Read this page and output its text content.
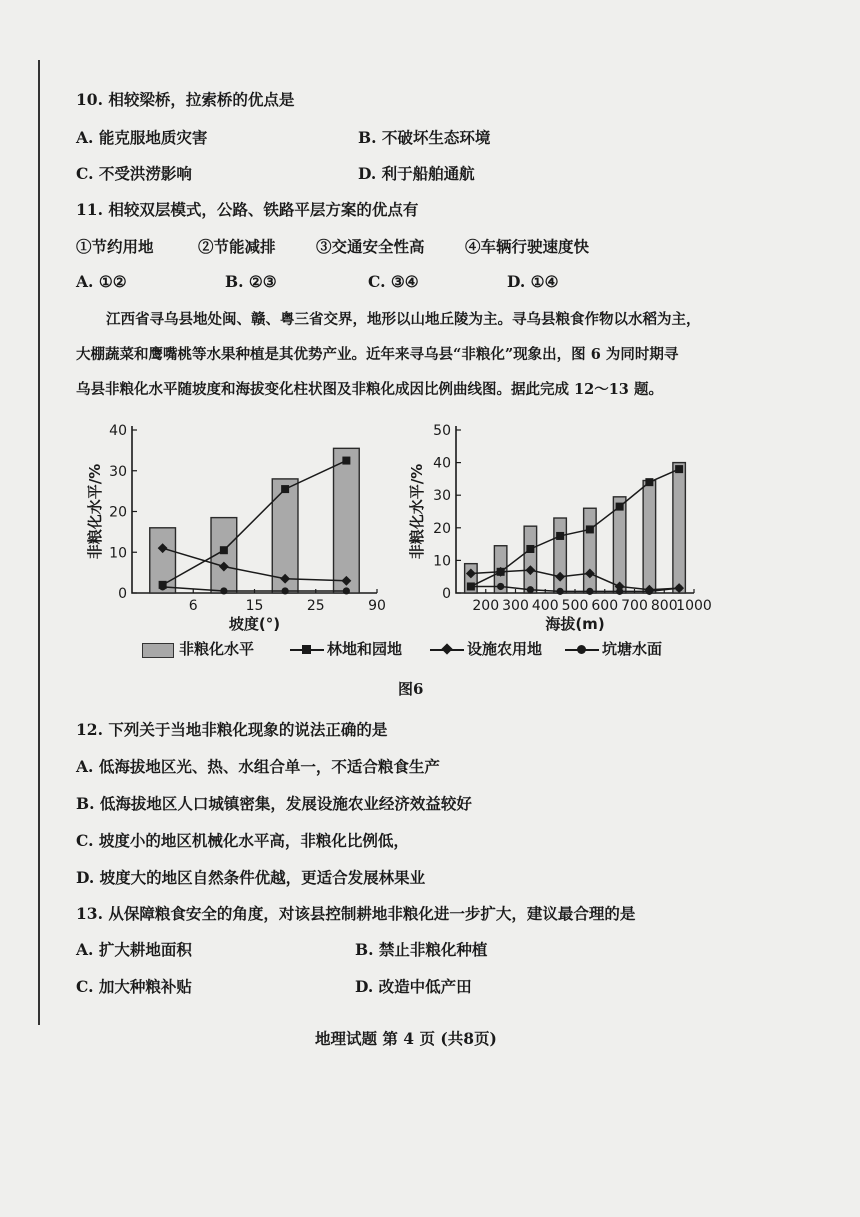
10. 相较梁桥，拉索桥的优点是
A. 能克服地质灾害	B. 不破坏生态环境
C. 不受洪涝影响	D. 利于船舶通航
11. 相较双层模式，公路、铁路平层方案的优点有
①节约用地	②节能减排	③交通安全性高	④车辆行驶速度快
A. ①②	B. ②③	C. ③④	D. ①④
江西省寻乌县地处闽、赣、粤三省交界，地形以山地丘陵为主。寻乌县粮食作物以水稻为主，
大棚蔬菜和鹰嘴桃等水果种植是其优势产业。近年来寻乌县“非粮化”现象出，图 6 为同时期寻
乌县非粮化水平随坡度和海拔变化柱状图及非粮化成因比例曲线图。据此完成 12～13 题。
0
10
20
30
40
非粮化水平/%
6	15	25	90
坡度(°)
0
10
20
30
40
50
非粮化水平/%
200 300 400 500 600 700 800
1000
海拔(m)
非粮化水平	林地和园地	设施农用地	坑塘水面
图6
12. 下列关于当地非粮化现象的说法正确的是
A. 低海拔地区光、热、水组合单一，不适合粮食生产
B. 低海拔地区人口城镇密集，发展设施农业经济效益较好
C. 坡度小的地区机械化水平高，非粮化比例低，
D. 坡度大的地区自然条件优越，更适合发展林果业
13. 从保障粮食安全的角度，对该县控制耕地非粮化进一步扩大，建议最合理的是
A. 扩大耕地面积	B. 禁止非粮化种植
C. 加大种粮补贴	D. 改造中低产田
地理试题 第 4 页 (共8页)
